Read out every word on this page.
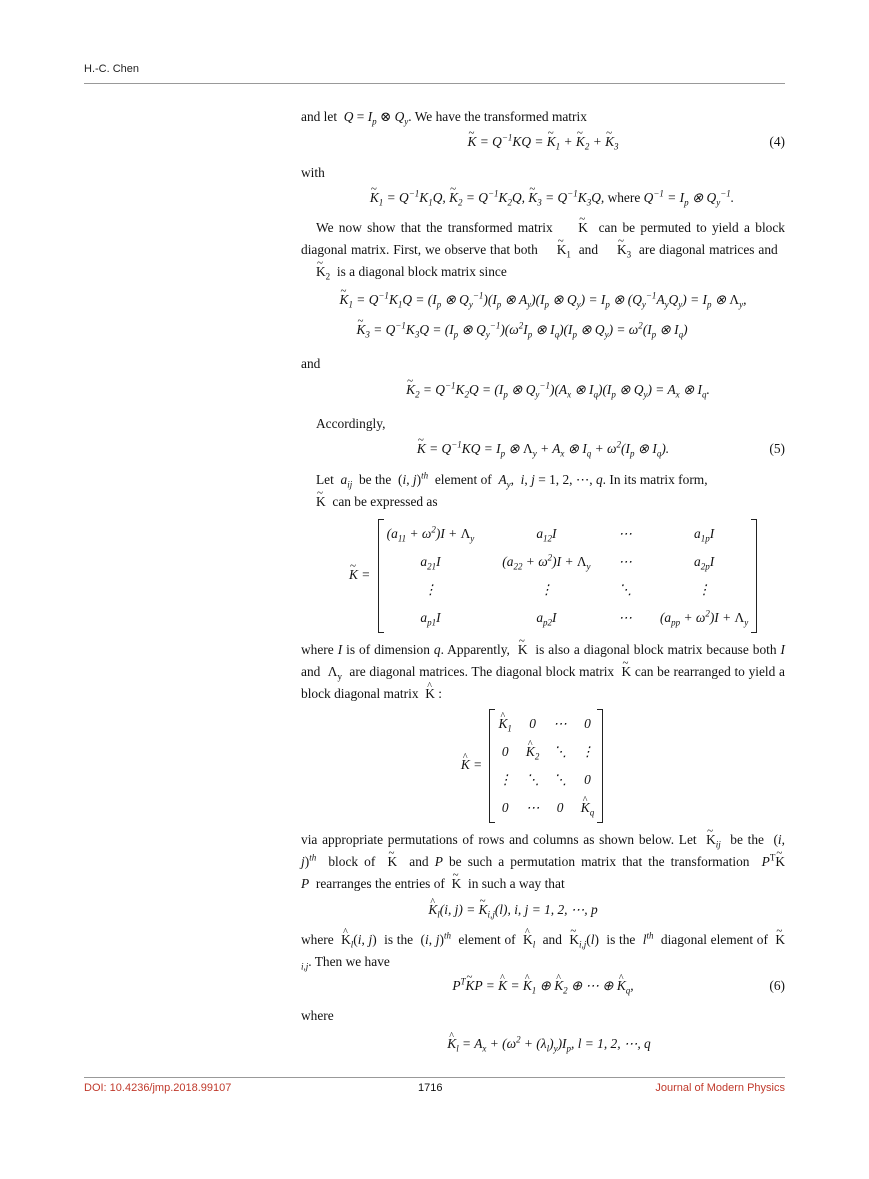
H.-C. Chen

and let $Q = I_p$ ⊗ $Q_y$. We have the transformed matrix

~ $K = Q^{-1}KQ$ = ~ $K_1$ + ~ $K_2$ + ~ $K_3$	(4)

with

~ $K_1 = Q^{-1}K_1Q$, ~ $K_2 = Q^{-1}K_2Q$, ~ $K_3 = Q^{-1}K_3Q$, where $Q^{-1} = I_p$ ⊗ $Q_y^{-1}$.

We now show that the transformed matrix ~ K can be permuted to yield a block diagonal matrix. First, we observe that both ~ $K_1$ and ~ $K_3$ are diagonal matrices and  ~ $K_2$ is a diagonal block matrix since

~ $K_1 = Q^{-1}K_1Q = (I_p$ ⊗ $Q_y^{-1})(I_p$ ⊗ $A_y)(I_p$ ⊗ $Q_y) = I_p$ ⊗ $(Q_y^{-1}A_yQ_y) = I_p$ ⊗ $\Lambda_y$,
~ $K_3 = Q^{-1}K_3Q = (I_p$ ⊗ $Q_y^{-1})(\omega^2I_p$ ⊗ $I_q)(I_p$ ⊗ $Q_y) = \omega^2(I_p$ ⊗ $I_q$)

and

~ $K_2 = Q^{-1}K_2Q = (I_p$ ⊗ $Q_y^{-1})(A_x$ ⊗ $I_q)(I_p$ ⊗ $Q_y) = A_x$ ⊗ $I_q$.

Accordingly,

~ $K = Q^{-1}KQ = I_p$ ⊗ $\Lambda_y + A_x$ ⊗ $I_q + \omega^2(I_p$ ⊗ $I_q$).	(5)

Let $a_{ij}$ be the  (i, j)$^{th}$ element of $A_y$,  i, j = 1, 2, ⋯, q. In its matrix form,
~ K can be expressed as

~ K =
$(a_{11} + \omega^2)I + \Lambda_y$	$a_{12}I$	⋯	$a_{1p}I$
$a_{21}I$	$(a_{22} + \omega^2)I + \Lambda_y$ ⋯	$a_{2p}I$
⋮	⋮	⋱	⋮
$a_{p1}I$	$a_{p2}I$	⋯ $(a_{pp} + \omega^2)I + \Lambda_y$

where I is of dimension q. Apparently, ~ K is also a diagonal block matrix because both I and $\Lambda_y$ are diagonal matrices. The diagonal block matrix ~ K can be rearranged to yield a block diagonal matrix ^ K :

^ K =
^ $K_1$ 0 ⋯ 0
0 ^ $K_2$ ⋱ ⋮
⋮ ⋱ ⋱ 0
0 ⋯ 0 ^ $K_q$

via appropriate permutations of rows and columns as shown below. Let ~ $K_{ij}$ be the  (i, j)$^{th}$ block of ~ K and P be such a permutation matrix that the transformation $P^T\sim$ KP rearranges the entries of ~ K in such a way that

^ $K_l(i$, j) = ~ $K_{i,j}(l)$, i, j = 1, 2, ⋯, p

where ^ $K_l(i$, j)  is the  (i, j)$^{th}$ element of ^ $K_l$ and ~ $K_{i,j}(l)$  is the $l^{th}$ diagonal element of ~ $K_{i,j}$. Then we have

$P^T\sim$ KP = ^ K = ^ $K_1$ ⊕ ^ $K_2$ ⊕ ⋯ ⊕ ^ $K_q$,	(6)

where

^ $K_l = A_x + (\omega^2 + (\lambda_l)_y)I_p$, l = 1, 2, ⋯, q
DOI: 10.4236/jmp.2018.99107	1716	Journal of Modern Physics
